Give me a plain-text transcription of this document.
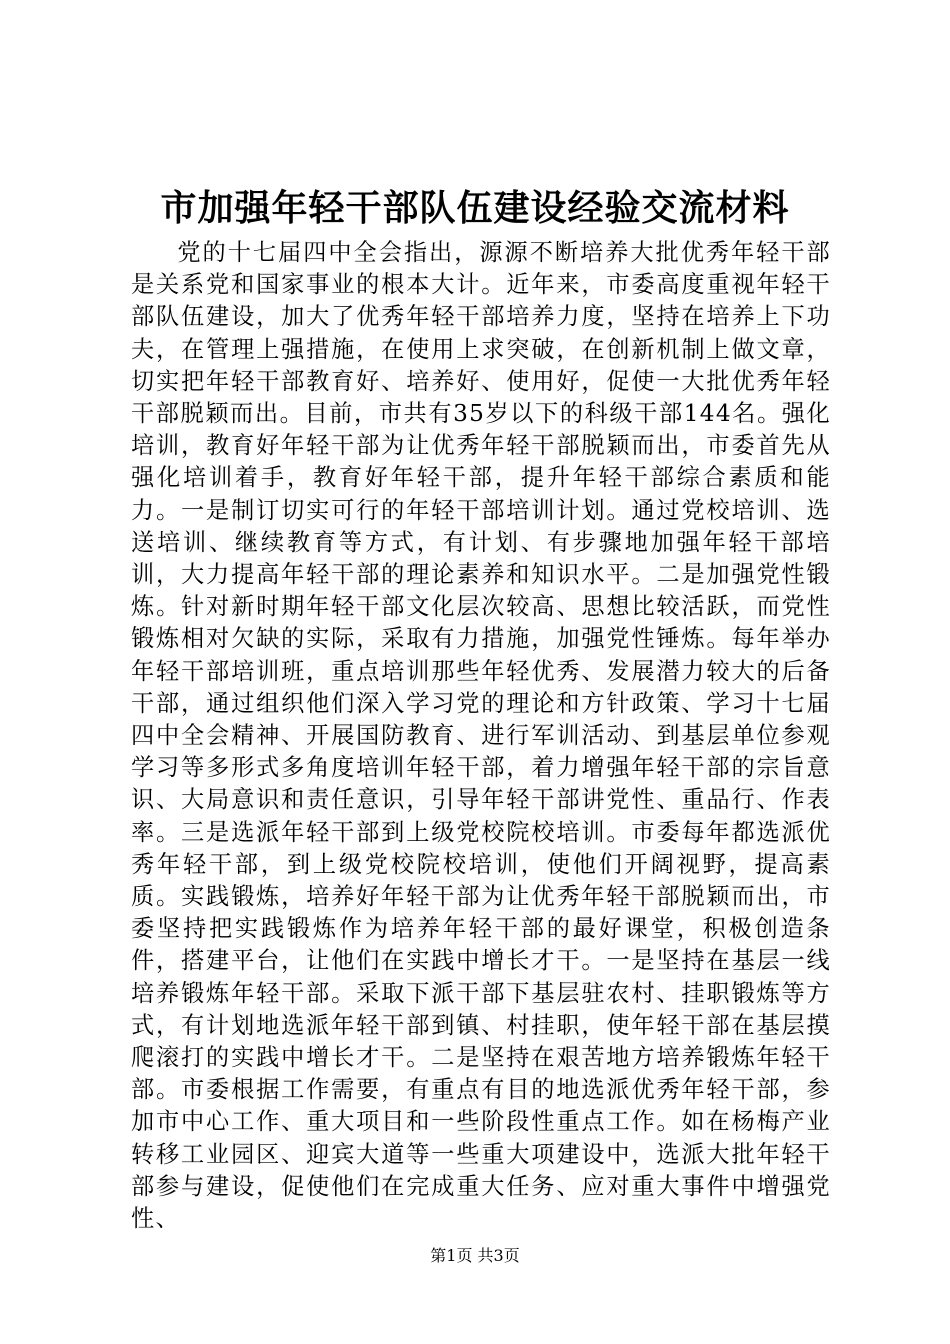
市加强年轻干部队伍建设经验交流材料

党的十七届四中全会指出，源源不断培养大批优秀年轻干部是关系党和国家事业的根本大计。近年来，市委高度重视年轻干部队伍建设，加大了优秀年轻干部培养力度，坚持在培养上下功夫，在管理上强措施，在使用上求突破，在创新机制上做文章，切实把年轻干部教育好、培养好、使用好，促使一大批优秀年轻干部脱颖而出。目前，市共有35岁以下的科级干部144名。强化培训，教育好年轻干部为让优秀年轻干部脱颖而出，市委首先从强化培训着手，教育好年轻干部，提升年轻干部综合素质和能力。一是制订切实可行的年轻干部培训计划。通过党校培训、选送培训、继续教育等方式，有计划、有步骤地加强年轻干部培训，大力提高年轻干部的理论素养和知识水平。二是加强党性锻炼。针对新时期年轻干部文化层次较高、思想比较活跃，而党性锻炼相对欠缺的实际，采取有力措施，加强党性锤炼。每年举办年轻干部培训班，重点培训那些年轻优秀、发展潜力较大的后备干部，通过组织他们深入学习党的理论和方针政策、学习十七届四中全会精神、开展国防教育、进行军训活动、到基层单位参观学习等多形式多角度培训年轻干部，着力增强年轻干部的宗旨意识、大局意识和责任意识，引导年轻干部讲党性、重品行、作表率。三是选派年轻干部到上级党校院校培训。市委每年都选派优秀年轻干部，到上级党校院校培训，使他们开阔视野，提高素质。实践锻炼，培养好年轻干部为让优秀年轻干部脱颖而出，市委坚持把实践锻炼作为培养年轻干部的最好课堂，积极创造条件，搭建平台，让他们在实践中增长才干。一是坚持在基层一线培养锻炼年轻干部。采取下派干部下基层驻农村、挂职锻炼等方式，有计划地选派年轻干部到镇、村挂职，使年轻干部在基层摸爬滚打的实践中增长才干。二是坚持在艰苦地方培养锻炼年轻干部。市委根据工作需要，有重点有目的地选派优秀年轻干部，参加市中心工作、重大项目和一些阶段性重点工作。如在杨梅产业转移工业园区、迎宾大道等一些重大项建设中，选派大批年轻干部参与建设，促使他们在完成重大任务、应对重大事件中增强党性、

第1页 共3页
